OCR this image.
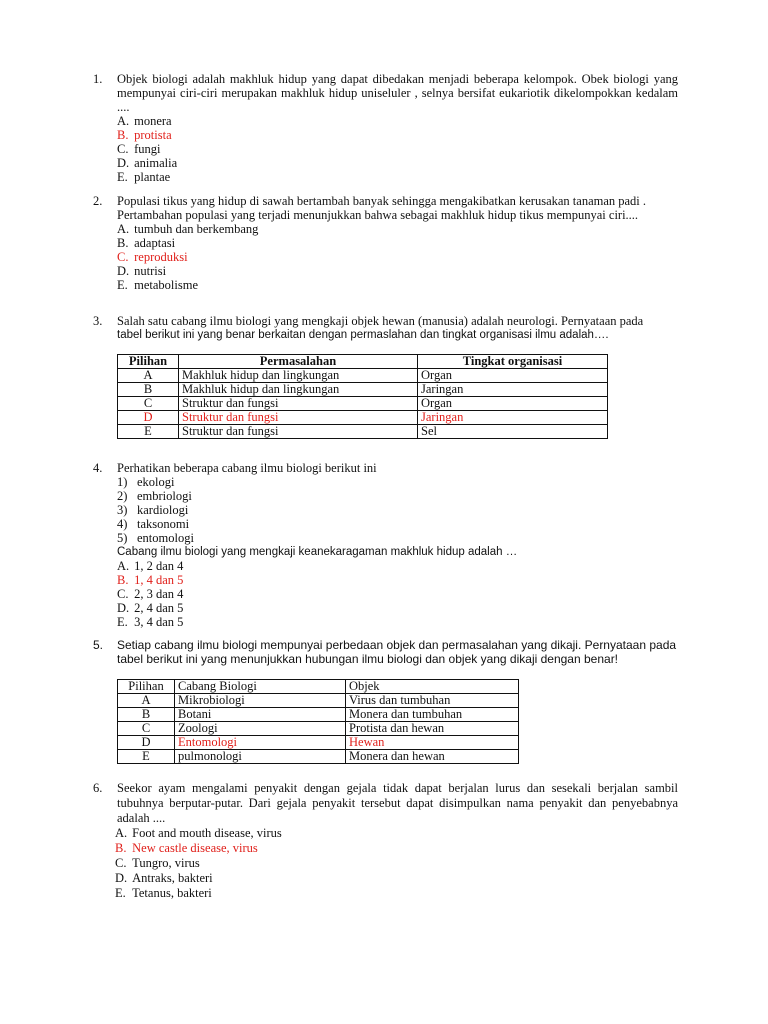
1.	Objek biologi adalah makhluk hidup yang dapat dibedakan menjadi beberapa kelompok. Obek biologi yang mempunyai ciri-ciri merupakan makhluk hidup uniseluler , selnya bersifat eukariotik dikelompokkan kedalam ....
A.
monera
B.
protista
C.
fungi
D.
animalia
E.
plantae
2.	Populasi tikus yang hidup di sawah bertambah banyak sehingga mengakibatkan kerusakan tanaman padi . Pertambahan populasi yang terjadi menunjukkan bahwa sebagai makhluk hidup tikus mempunyai ciri....
A.
tumbuh dan berkembang
B.
adaptasi
C.
reproduksi
D.
nutrisi
E.
metabolisme
3.	Salah satu cabang ilmu biologi yang mengkaji objek hewan (manusia) adalah neurologi. Pernyataan pada
tabel berikut ini yang benar berkaitan dengan permaslahan dan tingkat organisasi ilmu adalah….
Pilihan	Permasalahan	Tingkat organisasi
A	Makhluk hidup dan lingkungan	Organ
B	Makhluk hidup dan lingkungan	Jaringan
C	Struktur dan fungsi	Organ
D	Struktur dan fungsi	Jaringan
E	Struktur dan fungsi	Sel
4.	Perhatikan beberapa cabang ilmu biologi berikut ini
1) ekologi
2) embriologi
3) kardiologi
4) taksonomi
5) entomologi
Cabang ilmu biologi yang mengkaji keanekaragaman makhluk hidup adalah …
A.
1, 2 dan 4
B.
1, 4 dan 5
C.
2, 3 dan 4
D.
2, 4 dan 5
E.
3, 4 dan 5
5.	Setiap cabang ilmu biologi mempunyai perbedaan objek dan permasalahan yang dikaji. Pernyataan pada tabel berikut ini yang menunjukkan hubungan ilmu biologi dan objek yang dikaji dengan benar!
Pilihan	Cabang Biologi	Objek
A	Mikrobiologi	Virus dan tumbuhan
B	Botani	Monera dan tumbuhan
C	Zoologi	Protista dan hewan
D	Entomologi	Hewan
E	pulmonologi	Monera dan hewan
6.	Seekor ayam mengalami penyakit dengan gejala tidak dapat berjalan lurus dan sesekali berjalan sambil tubuhnya berputar-putar. Dari gejala penyakit tersebut dapat disimpulkan nama penyakit dan penyebabnya adalah ....
A.
Foot and mouth disease, virus
B.
New castle disease, virus
C.
Tungro, virus
D.
Antraks, bakteri
E.
Tetanus, bakteri
